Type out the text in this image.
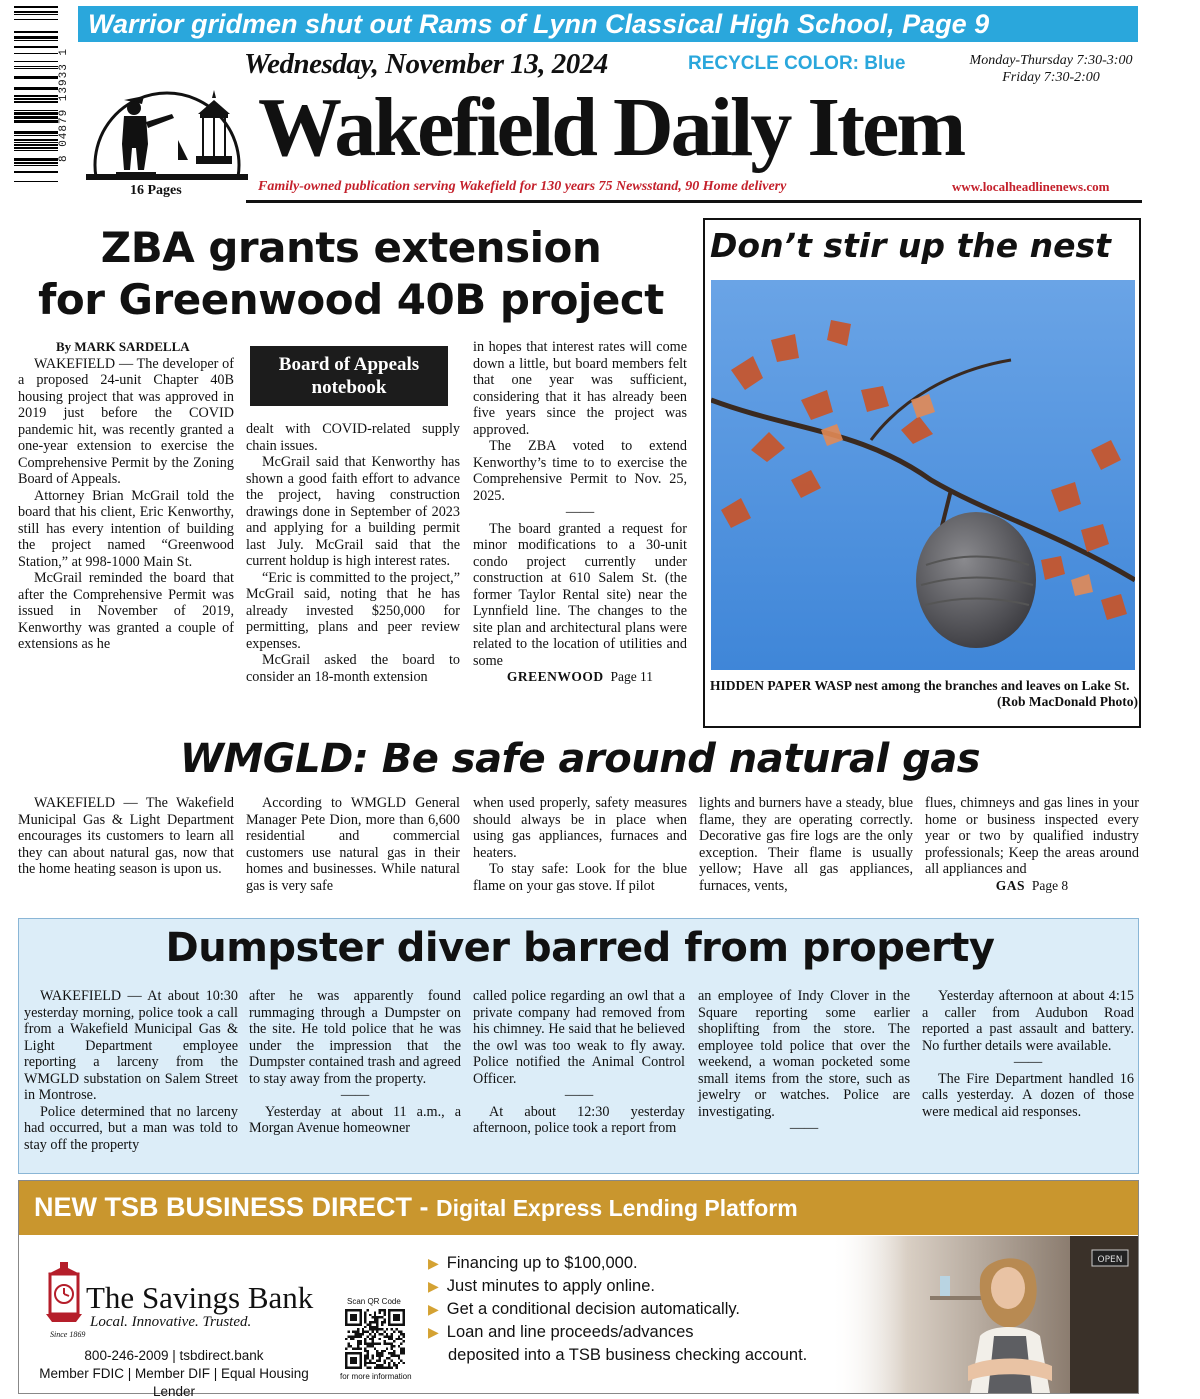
Warrior gridmen shut out Rams of Lynn Classical High School, Page 9
8 04879 13933 1
16 Pages
Wednesday, November 13, 2024	RECYCLE COLOR: Blue	Monday-Thursday 7:30-3:00
Friday 7:30-2:00
Wakefield Daily Item
Family-owned publication serving Wakefield for 130 years 75 Newsstand, 90 Home delivery	www.localheadlinenews.com
ZBA grants extension
for Greenwood 40B project

By MARK SARDELLA

WAKEFIELD — The developer of a proposed 24-unit Chapter 40B housing project that was approved in 2019 just before the COVID pandemic hit, was recently granted a one-year extension to exercise the Comprehensive Permit by the Zoning Board of Appeals.

Attorney Brian McGrail told the board that his client, Eric Kenworthy, still has every intention of building the project named “Greenwood Station,” at 998-1000 Main St.

McGrail reminded the board that after the Comprehensive Permit was issued in November of 2019, Kenworthy was granted a couple of extensions as he

Board of Appeals
notebook

dealt with COVID-related supply chain issues.

McGrail said that Kenworthy has shown a good faith effort to advance the project, having construction drawings done in September of 2023 and applying for a building permit last July. McGrail said that the current holdup is high interest rates.

“Eric is committed to the project,” McGrail said, noting that he has already invested $250,000 for permitting, plans and peer review expenses.

McGrail asked the board to consider an 18-month extension

in hopes that interest rates will come down a little, but board members felt that one year was sufficient, considering that it has already been five years since the project was approved.

The ZBA voted to extend Kenworthy’s time to to exercise the Comprehensive Permit to Nov. 25, 2025.

——

The board granted a request for minor modifications to a 30-unit condo project currently under construction at 610 Salem St. (the former Taylor Rental site) near the Lynnfield line. The changes to the site plan and architectural plans were related to the location of utilities and some

GREENWOOD Page 11

Don’t stir up the nest
HIDDEN PAPER WASP nest among the branches and leaves on Lake St.
(Rob MacDonald Photo)
WMGLD: Be safe around natural gas

WAKEFIELD — The Wakefield Municipal Gas & Light Department encourages its customers to learn all they can about natural gas, now that the home heating season is upon us.

According to WMGLD General Manager Pete Dion, more than 6,600 residential and commercial customers use natural gas in their homes and businesses. While natural gas is very safe

when used properly, safety measures should always be in place when using gas appliances, furnaces and heaters.

To stay safe: Look for the blue flame on your gas stove. If pilot

lights and burners have a steady, blue flame, they are operating correctly. Decorative gas fire logs are the only exception. Their flame is usually yellow; Have all gas appliances, furnaces, vents,

flues, chimneys and gas lines in your home or business inspected every year or two by qualified industry professionals; Keep the areas around all appliances and

GAS Page 8

Dumpster diver barred from property

WAKEFIELD — At about 10:30 yesterday morning, police took a call from a Wakefield Municipal Gas & Light Department employee reporting a larceny from the WMGLD substation on Salem Street in Montrose.

Police determined that no larceny had occurred, but a man was told to stay off the property

after he was apparently found rummaging through a Dumpster on the site. He told police that he was under the impression that the Dumpster contained trash and agreed to stay away from the property.

——

Yesterday at about 11 a.m., a Morgan Avenue homeowner

called police regarding an owl that a private company had removed from his chimney. He said that he believed the owl was too weak to fly away. Police notified the Animal Control Officer.

——

At about 12:30 yesterday afternoon, police took a report from

an employee of Indy Clover in the Square reporting some earlier shoplifting from the store. The employee told police that over the weekend, a woman pocketed some small items from the store, such as jewelry or watches. Police are investigating.

——

Yesterday afternoon at about 4:15 a caller from Audubon Road reported a past assault and battery. No further details were available.

——

The Fire Department handled 16 calls yesterday. A dozen of those were medical aid responses.

NEW TSB BUSINESS DIRECT - Digital Express Lending Platform
The Savings Bank
Local. Innovative. Trusted.
Since 1869
800-246-2009 | tsbdirect.bank
Member FDIC | Member DIF | Equal Housing Lender
Scan QR Code
for more information
▶ Financing up to $100,000.
▶ Just minutes to apply online.
▶ Get a conditional decision automatically.
▶ Loan and line proceeds/advances
deposited into a TSB business checking account.
OPEN
